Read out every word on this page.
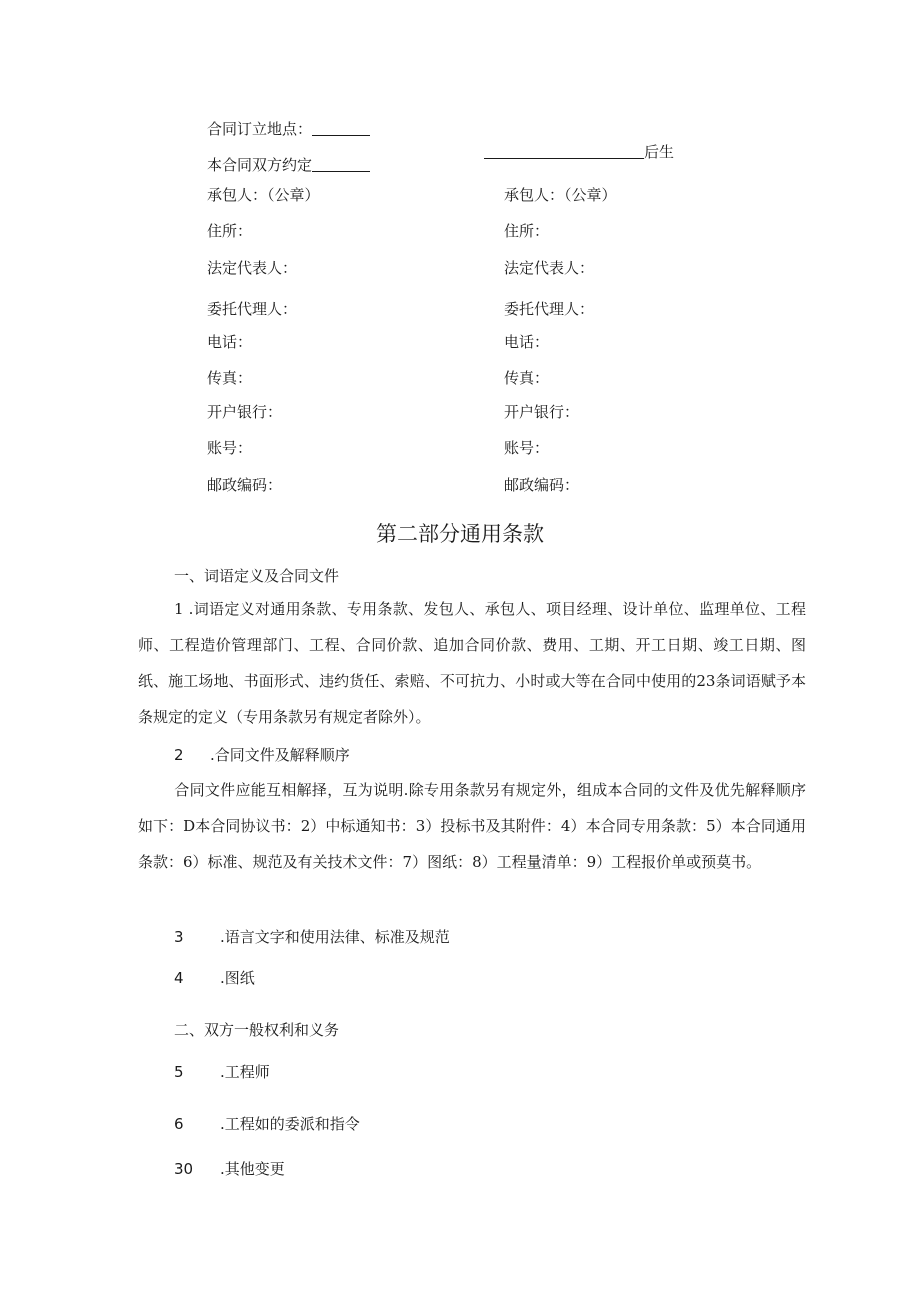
合同订立地点：
本合同双方约定
后生
承包人：（公章）
住所：
法定代表人：
委托代理人：
电话：
传真：
开户银行：
账号：
邮政编码：
承包人：（公章）
住所：
法定代表人：
委托代理人：
电话：
传真：
开户银行：
账号：
邮政编码：
第二部分通用条款
一、词语定义及合同文件
1 .词语定义对通用条款、专用条款、发包人、承包人、项目经理、设计单位、监理单位、工程师、工程造价管理部门、工程、合同价款、追加合同价款、费用、工期、开工日期、竣工日期、图纸、施工场地、书面形式、违约货任、索赔、不可抗力、小时或大等在合同中使用的23条词语赋予本条规定的定义（专用条款另有规定者除外）。
2 .合同文件及解释顺序
合同文件应能互相解择，互为说明.除专用条款另有规定外，组成本合同的文件及优先解释顺序如下：D本合同协议书：2）中标通知书：3）投标书及其附件：4）本合同专用条款：5）本合同通用条款：6）标准、规范及有关技术文件：7）图纸：8）工程量清单：9）工程报价单或预莫书。
3 .语言文字和使用法律、标准及规范
4 .图纸
二、双方一般权利和义务
5 .工程师
6 .工程如的委派和指令
30 .其他变更
